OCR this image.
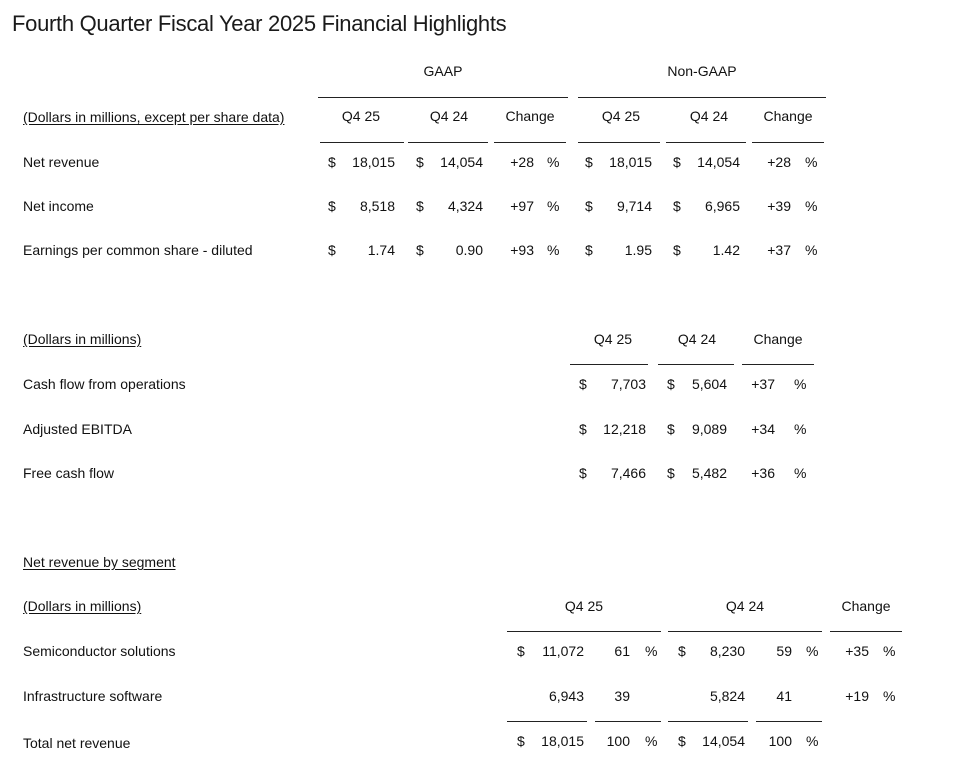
Fourth Quarter Fiscal Year 2025 Financial Highlights
GAAP	Non-GAAP
(Dollars in millions, except per share data)	Q4 25	Q4 24	Change	Q4 25	Q4 24	Change
Net revenue	$	18,015 $	14,054	+28 % $	18,015 $	14,054	+28 %
Net income	$	8,518 $	4,324	+97 % $	9,714 $	6,965	+39 %
Earnings per common share - diluted	$	1.74 $	0.90	+93 % $	1.95 $	1.42	+37 %
(Dollars in millions)	Q4 25	Q4 24	Change
Cash flow from operations	$	7,703 $	5,604	+37 %
Adjusted EBITDA	$	12,218 $	9,089	+34 %
Free cash flow	$	7,466 $	5,482	+36 %
Net revenue by segment
(Dollars in millions)	Q4 25	Q4 24	Change
Semiconductor solutions	$	11,072	61 % $	8,230	59 %	+35 %
Infrastructure software	6,943	39	5,824	41	+19 %
Total net revenue	$	18,015	100 % $	14,054	100 %
